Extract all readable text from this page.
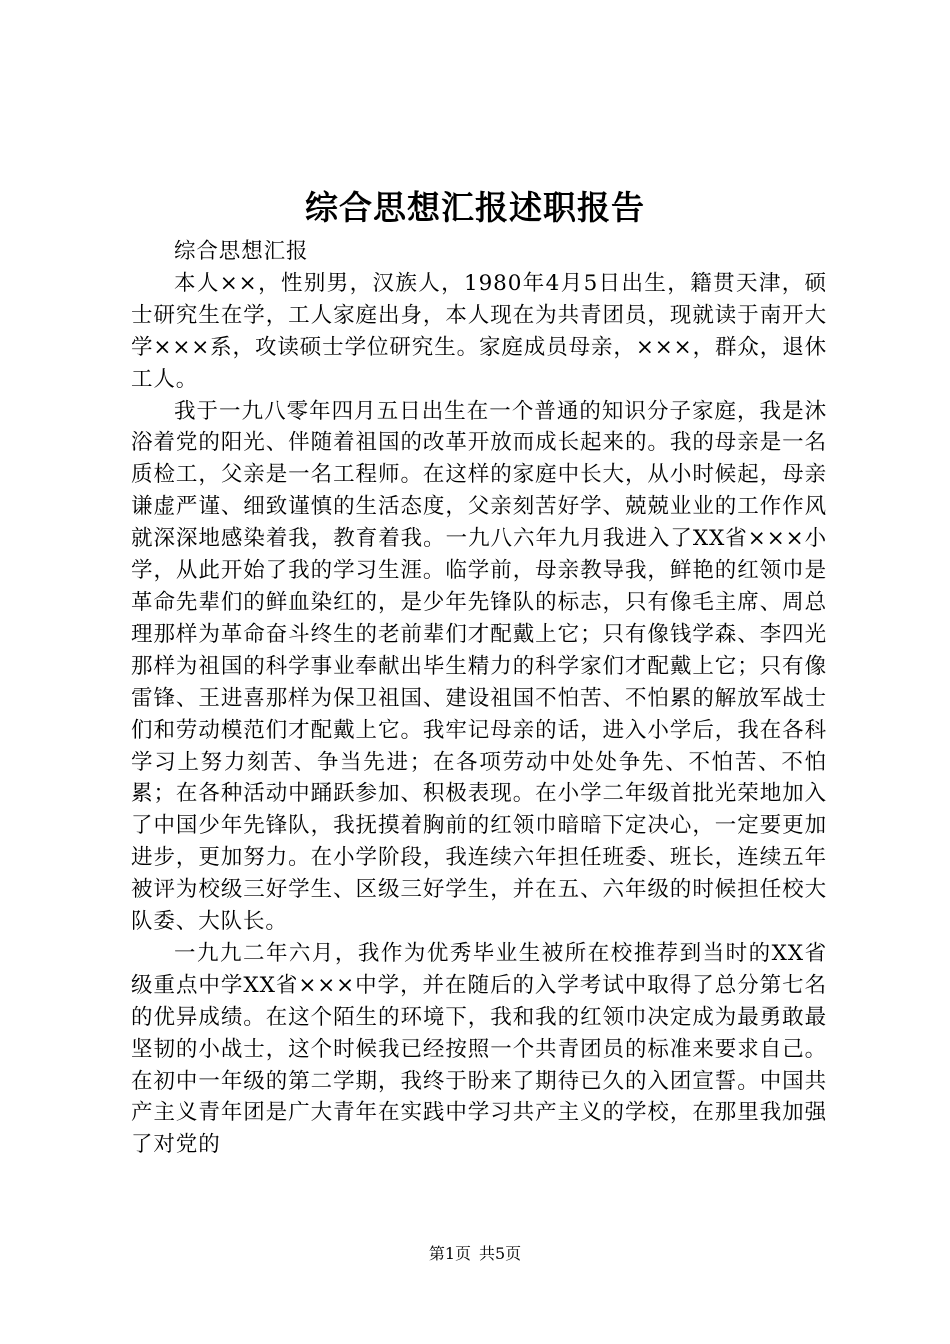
综合思想汇报述职报告

综合思想汇报

本人××，性别男，汉族人，1980年4月5日出生，籍贯天津，硕士研究生在学，工人家庭出身，本人现在为共青团员，现就读于南开大学×××系，攻读硕士学位研究生。家庭成员母亲，×××，群众，退休工人。

我于一九八零年四月五日出生在一个普通的知识分子家庭，我是沐浴着党的阳光、伴随着祖国的改革开放而成长起来的。我的母亲是一名质检工，父亲是一名工程师。在这样的家庭中长大，从小时候起，母亲谦虚严谨、细致谨慎的生活态度，父亲刻苦好学、兢兢业业的工作作风就深深地感染着我，教育着我。一九八六年九月我进入了XX省×××小学，从此开始了我的学习生涯。临学前，母亲教导我，鲜艳的红领巾是革命先辈们的鲜血染红的，是少年先锋队的标志，只有像毛主席、周总理那样为革命奋斗终生的老前辈们才配戴上它；只有像钱学森、李四光那样为祖国的科学事业奉献出毕生精力的科学家们才配戴上它；只有像雷锋、王进喜那样为保卫祖国、建设祖国不怕苦、不怕累的解放军战士们和劳动模范们才配戴上它。我牢记母亲的话，进入小学后，我在各科学习上努力刻苦、争当先进；在各项劳动中处处争先、不怕苦、不怕累；在各种活动中踊跃参加、积极表现。在小学二年级首批光荣地加入了中国少年先锋队，我抚摸着胸前的红领巾暗暗下定决心，一定要更加进步，更加努力。在小学阶段，我连续六年担任班委、班长，连续五年被评为校级三好学生、区级三好学生，并在五、六年级的时候担任校大队委、大队长。

一九九二年六月，我作为优秀毕业生被所在校推荐到当时的XX省级重点中学XX省×××中学，并在随后的入学考试中取得了总分第七名的优异成绩。在这个陌生的环境下，我和我的红领巾决定成为最勇敢最坚韧的小战士，这个时候我已经按照一个共青团员的标准来要求自己。在初中一年级的第二学期，我终于盼来了期待已久的入团宣誓。中国共产主义青年团是广大青年在实践中学习共产主义的学校，在那里我加强了对党的

第1页 共5页
